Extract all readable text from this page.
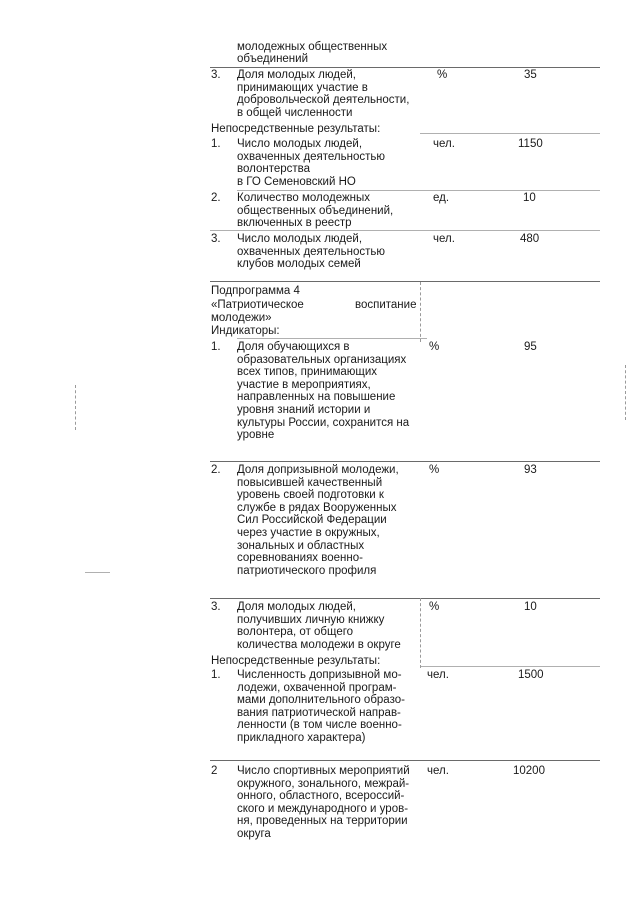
молодежных общественных
объединений
3. Доля молодых людей,
принимающих участие в
добровольческой деятельности,
в общей численности
%	35
Непосредственные результаты:
1. Число молодых людей,
охваченных деятельностью
волонтерства
в ГО Семеновский НО
чел.	1150
2. Количество молодежных
общественных объединений,
включенных в реестр
ед.	10
3. Число молодых людей,
охваченных деятельностью
клубов молодых семей
чел.	480
Подпрограмма 4
«Патриотическое	воспитание
молодежи»
Индикаторы:
1. Доля обучающихся в
образовательных организациях
всех типов, принимающих
участие в мероприятиях,
направленных на повышение
уровня знаний истории и
культуры России, сохранится на
уровне
%	95
2. Доля допризывной молодежи,
повысившей качественный
уровень своей подготовки к
службе в рядах Вооруженных
Сил Российской Федерации
через участие в окружных,
зональных и областных
соревнованиях военно-
патриотического профиля
%	93
3. Доля молодых людей,
получивших личную книжку
волонтера, от общего
количества молодежи в округе
%	10
Непосредственные результаты:
1. Численность допризывной мо-
лодежи, охваченной програм-
мами дополнительного образо-
вания патриотической направ-
ленности (в том числе военно-
прикладного характера)
чел.	1500
2 Число спортивных мероприятий
окружного, зонального, межрай-
онного, областного, всероссий-
ского и международного и уров-
ня, проведенных на территории
округа
чел.	10200
